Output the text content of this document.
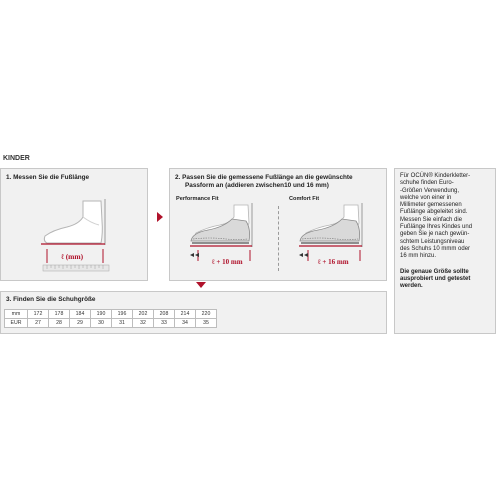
KINDER
1. Messen Sie die Fußlänge
ℓ (mm)
2. Passen Sie die gemessene Fußlänge an die gewünschte
Passform an (addieren zwischen10 und 16 mm)
Performance Fit	Comfort Fit
ℓ + 10 mm	ℓ + 16 mm
3. Finden Sie die Schuhgröße
mm	172	178	184	190	196	202	208	214	220
EUR	27	28	29	30	31	32	33	34	35
Für OCÚN® Kinderkletter-
schuhe finden Euro-
-Größen Verwendung,
welche von einer in
Millimeter gemessenen
Fußlänge abgeleitet sind.
Messen Sie einfach die
Fußlänge Ihres Kindes und
geben Sie je nach gewün-
schtem Leistungsniveau
des Schuhs 10 mmm oder
16 mm hinzu.
Die genaue Größe sollte
ausprobiert und getestet
werden.
